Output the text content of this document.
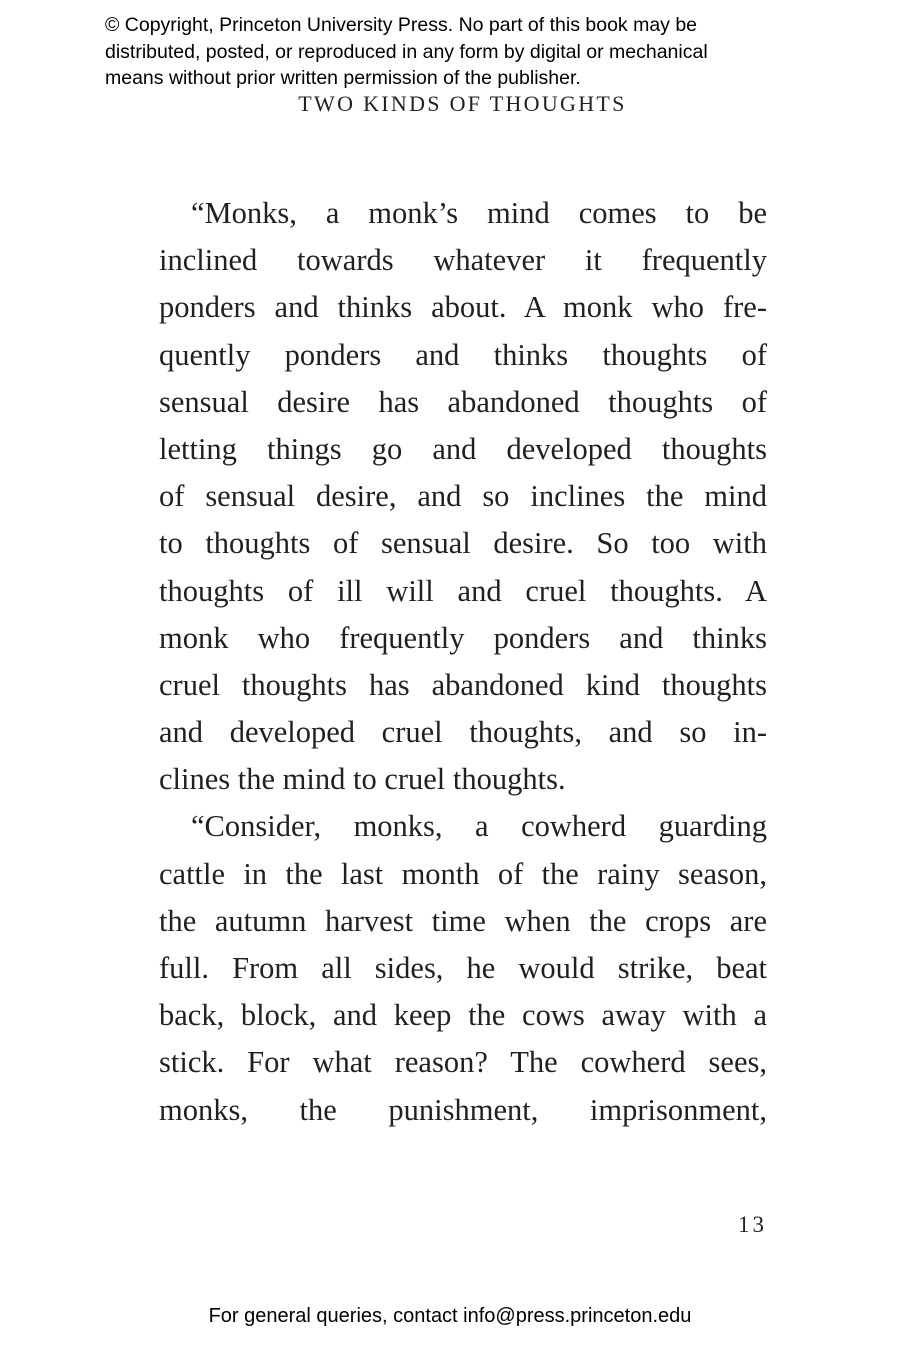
© Copyright, Princeton University Press. No part of this book may be
distributed, posted, or reproduced in any form by digital or mechanical
means without prior written permission of the publisher.
TWO KINDS OF THOUGHTS
“Monks, a monk’s mind comes to be
inclined towards whatever it frequently
ponders and thinks about. A monk who fre-
quently ponders and thinks thoughts of
sensual desire has abandoned thoughts of
letting things go and developed thoughts
of sensual desire, and so inclines the mind
to thoughts of sensual desire. So too with
thoughts of ill will and cruel thoughts. A
monk who frequently ponders and thinks
cruel thoughts has abandoned kind thoughts
and developed cruel thoughts, and so in-
clines the mind to cruel thoughts.
“Consider, monks, a cowherd guarding
cattle in the last month of the rainy season,
the autumn harvest time when the crops are
full. From all sides, he would strike, beat
back, block, and keep the cows away with a
stick. For what reason? The cowherd sees,
monks, the punishment, imprisonment,
13
For general queries, contact info@press.princeton.edu
